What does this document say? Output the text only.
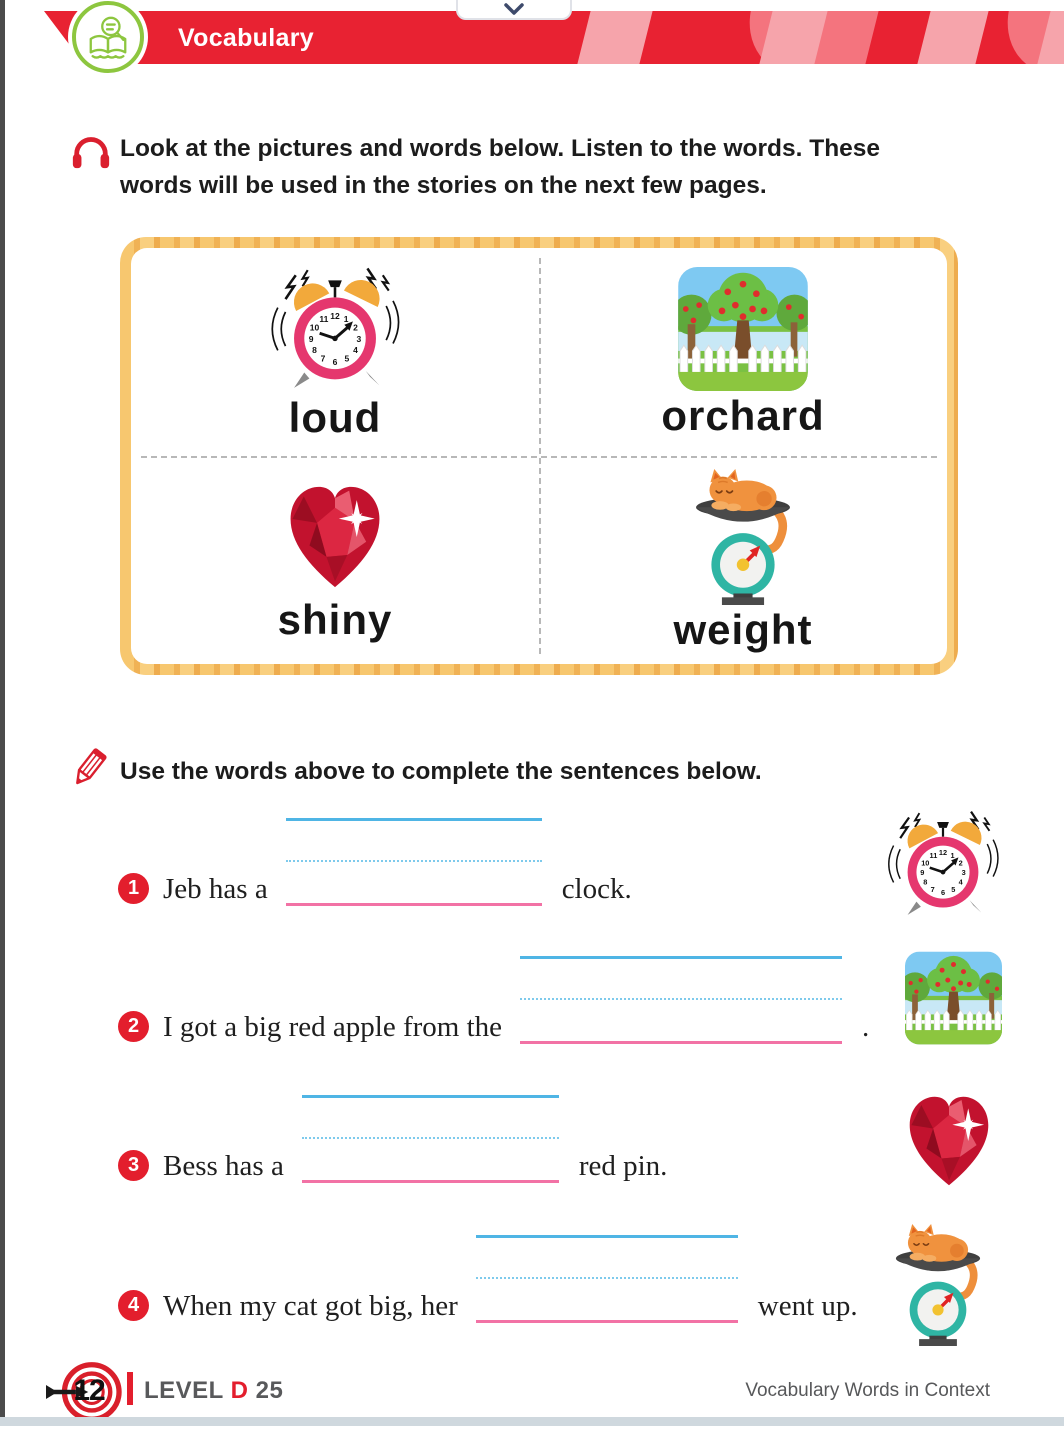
Vocabulary
Look at the pictures and words below. Listen to the words. These words will be used in the stories on the next few pages.
loud	orchard
shiny	weight
Use the words above to complete the sentences below.
1 Jeb has a	clock.
2 I got a big red apple from the	.
3 Bess has a	red pin.
4 When my cat got big, her	went up.
12	LEVEL D 25	Vocabulary Words in Context
